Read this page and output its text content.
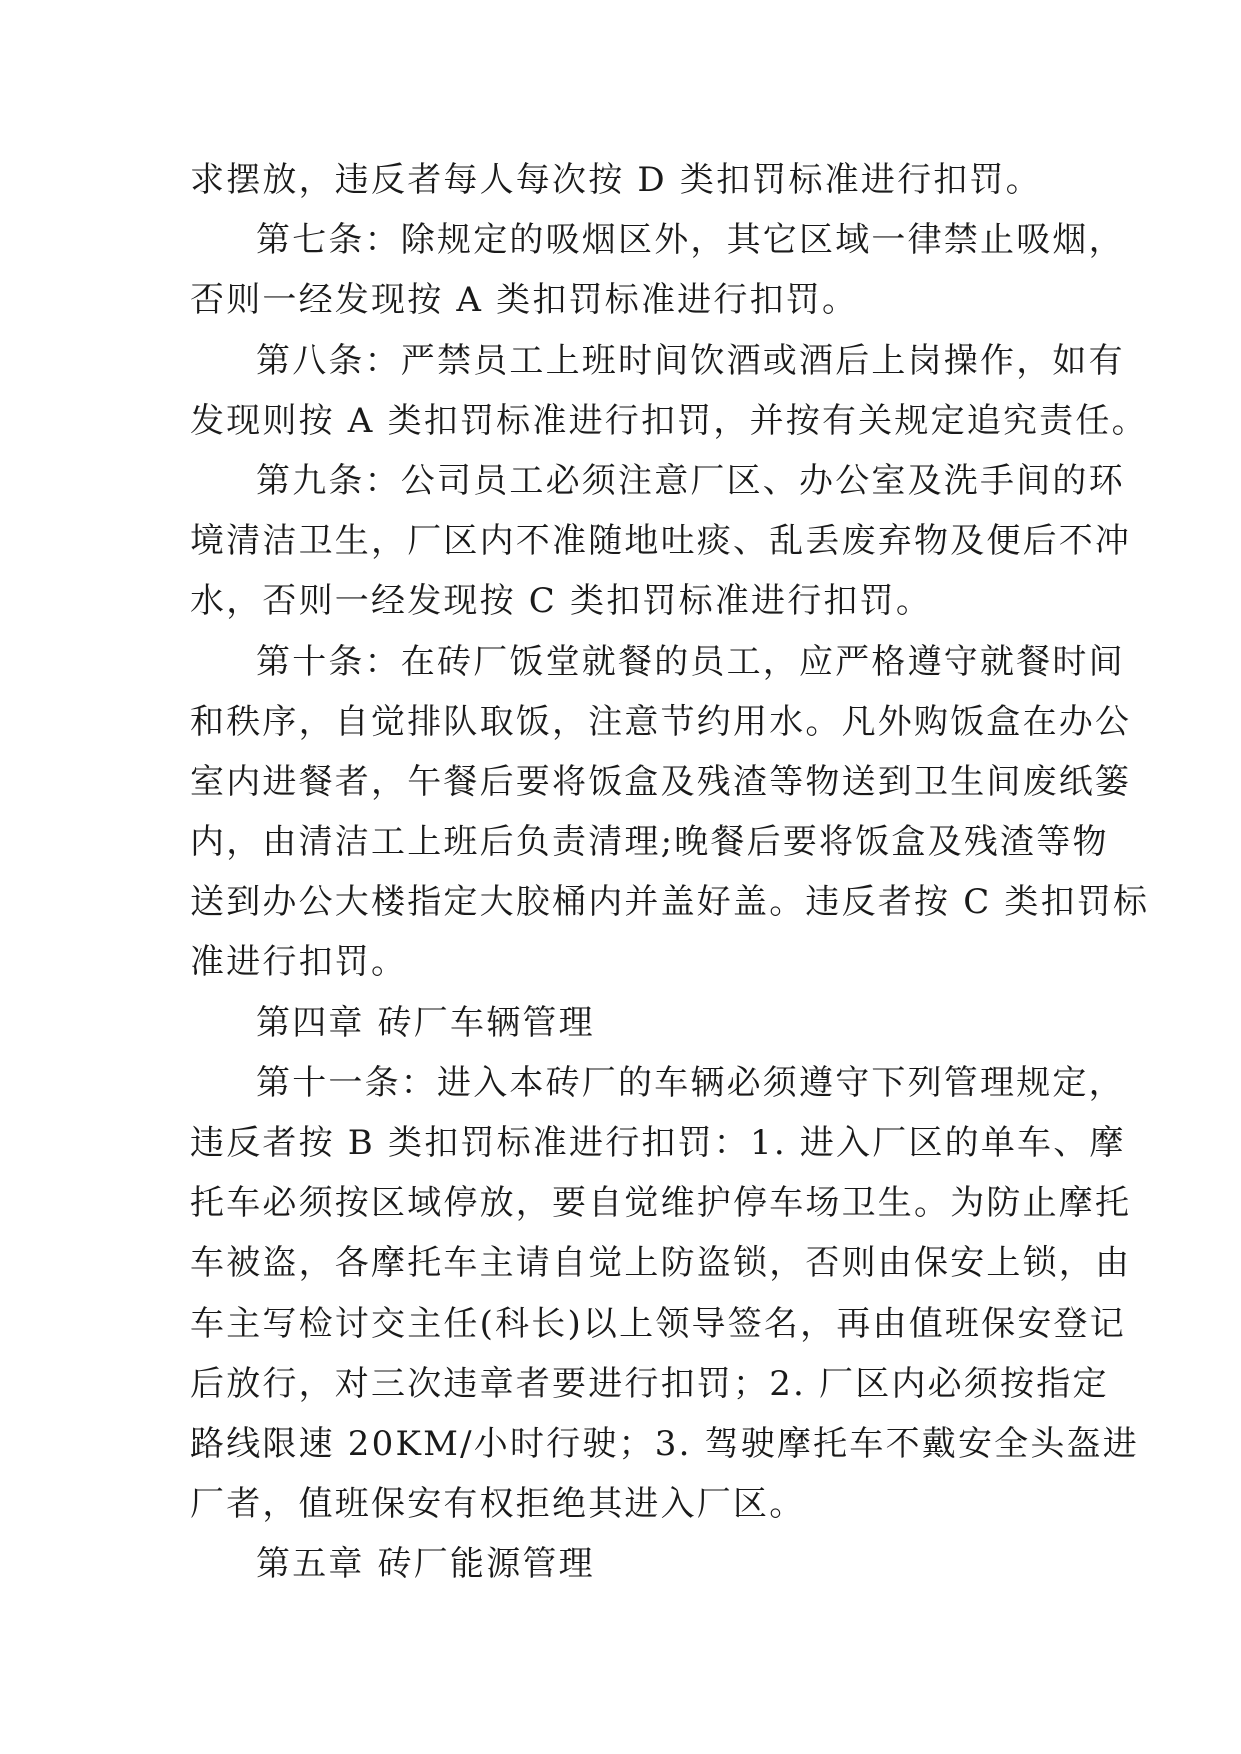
求摆放，违反者每人每次按 D 类扣罚标准进行扣罚。
第七条：除规定的吸烟区外，其它区域一律禁止吸烟，
否则一经发现按 A 类扣罚标准进行扣罚。
第八条：严禁员工上班时间饮酒或酒后上岗操作，如有
发现则按 A 类扣罚标准进行扣罚，并按有关规定追究责任。
第九条：公司员工必须注意厂区、办公室及洗手间的环
境清洁卫生，厂区内不准随地吐痰、乱丢废弃物及便后不冲
水，否则一经发现按 C 类扣罚标准进行扣罚。
第十条：在砖厂饭堂就餐的员工，应严格遵守就餐时间
和秩序，自觉排队取饭，注意节约用水。凡外购饭盒在办公
室内进餐者，午餐后要将饭盒及残渣等物送到卫生间废纸篓
内，由清洁工上班后负责清理;晚餐后要将饭盒及残渣等物
送到办公大楼指定大胶桶内并盖好盖。违反者按 C 类扣罚标
准进行扣罚。
第四章 砖厂车辆管理
第十一条：进入本砖厂的车辆必须遵守下列管理规定，
违反者按 B 类扣罚标准进行扣罚：1. 进入厂区的单车、摩
托车必须按区域停放，要自觉维护停车场卫生。为防止摩托
车被盗，各摩托车主请自觉上防盗锁，否则由保安上锁，由
车主写检讨交主任(科长)以上领导签名，再由值班保安登记
后放行，对三次违章者要进行扣罚；2. 厂区内必须按指定
路线限速 20KM/小时行驶；3. 驾驶摩托车不戴安全头盔进
厂者，值班保安有权拒绝其进入厂区。
第五章 砖厂能源管理
